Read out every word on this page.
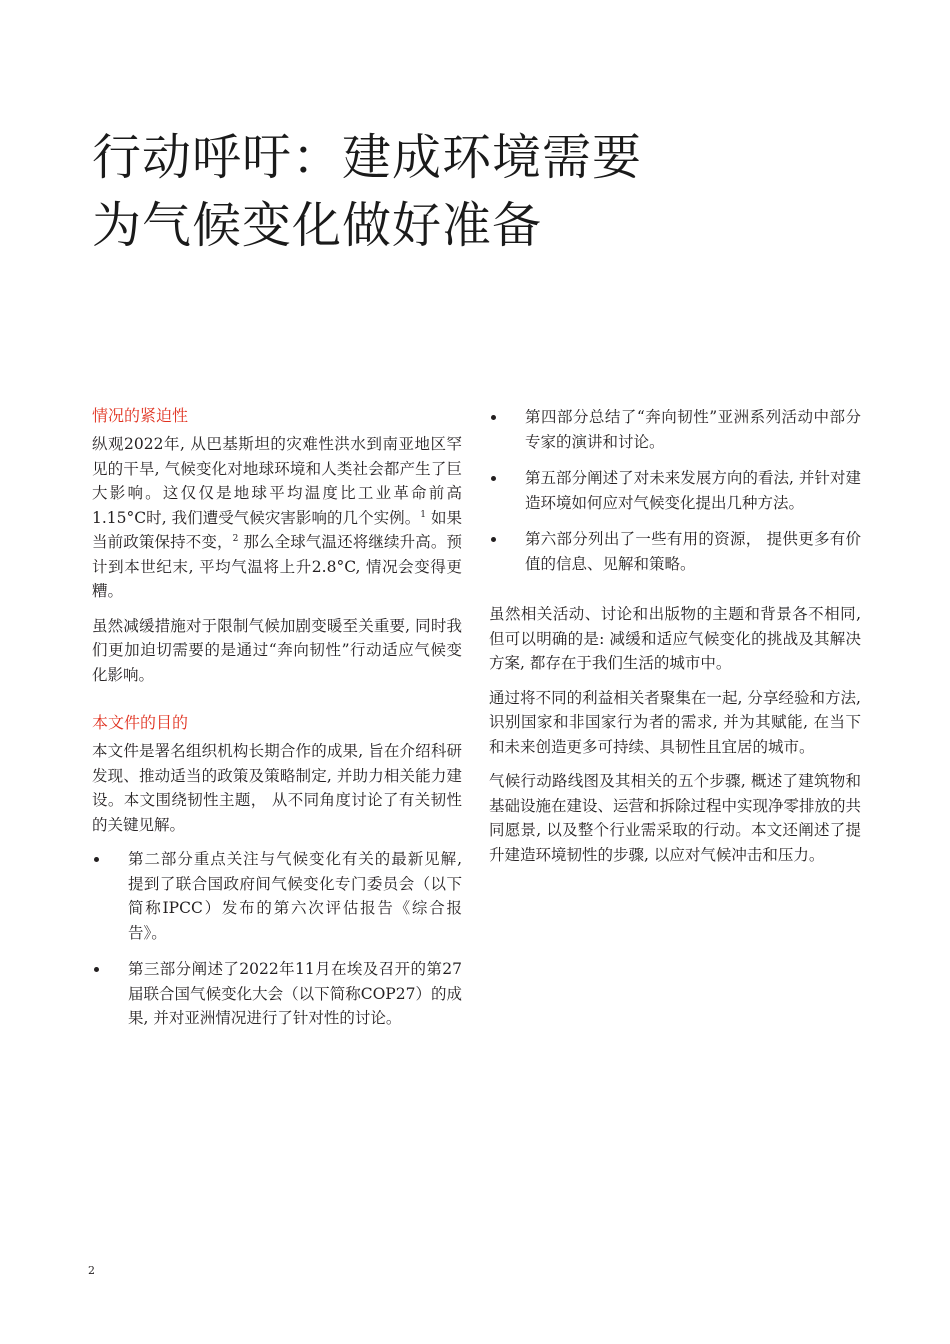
行动呼吁：建成环境需要
为气候变化做好准备
情况的紧迫性

纵观2022年, 从巴基斯坦的灾难性洪水到南亚地区罕见的干旱, 气候变化对地球环境和人类社会都产生了巨大影响。这仅仅是地球平均温度比工业革命前高1.15°C时, 我们遭受气候灾害影响的几个实例。$^1$ 如果当前政策保持不变，$^2$ 那么全球气温还将继续升高。预计到本世纪末, 平均气温将上升2.8°C, 情况会变得更糟。

虽然减缓措施对于限制气候加剧变暖至关重要, 同时我们更加迫切需要的是通过“奔向韧性”行动适应气候变化影响。

本文件的目的

本文件是署名组织机构长期合作的成果, 旨在介绍科研发现、推动适当的政策及策略制定, 并助力相关能力建设。本文围绕韧性主题， 从不同角度讨论了有关韧性的关键见解。

第二部分重点关注与气候变化有关的最新见解, 提到了联合国政府间气候变化专门委员会（以下简称IPCC）发布的第六次评估报告《综合报告》。
第三部分阐述了2022年11月在埃及召开的第27届联合国气候变化大会（以下简称COP27）的成果, 并对亚洲情况进行了针对性的讨论。
第四部分总结了“奔向韧性”亚洲系列活动中部分专家的演讲和讨论。
第五部分阐述了对未来发展方向的看法, 并针对建造环境如何应对气候变化提出几种方法。
第六部分列出了一些有用的资源， 提供更多有价值的信息、见解和策略。

虽然相关活动、讨论和出版物的主题和背景各不相同, 但可以明确的是: 减缓和适应气候变化的挑战及其解决方案, 都存在于我们生活的城市中。

通过将不同的利益相关者聚集在一起, 分享经验和方法, 识别国家和非国家行为者的需求, 并为其赋能, 在当下和未来创造更多可持续、具韧性且宜居的城市。

气候行动路线图及其相关的五个步骤, 概述了建筑物和基础设施在建设、运营和拆除过程中实现净零排放的共同愿景, 以及整个行业需采取的行动。本文还阐述了提升建造环境韧性的步骤, 以应对气候冲击和压力。

2
